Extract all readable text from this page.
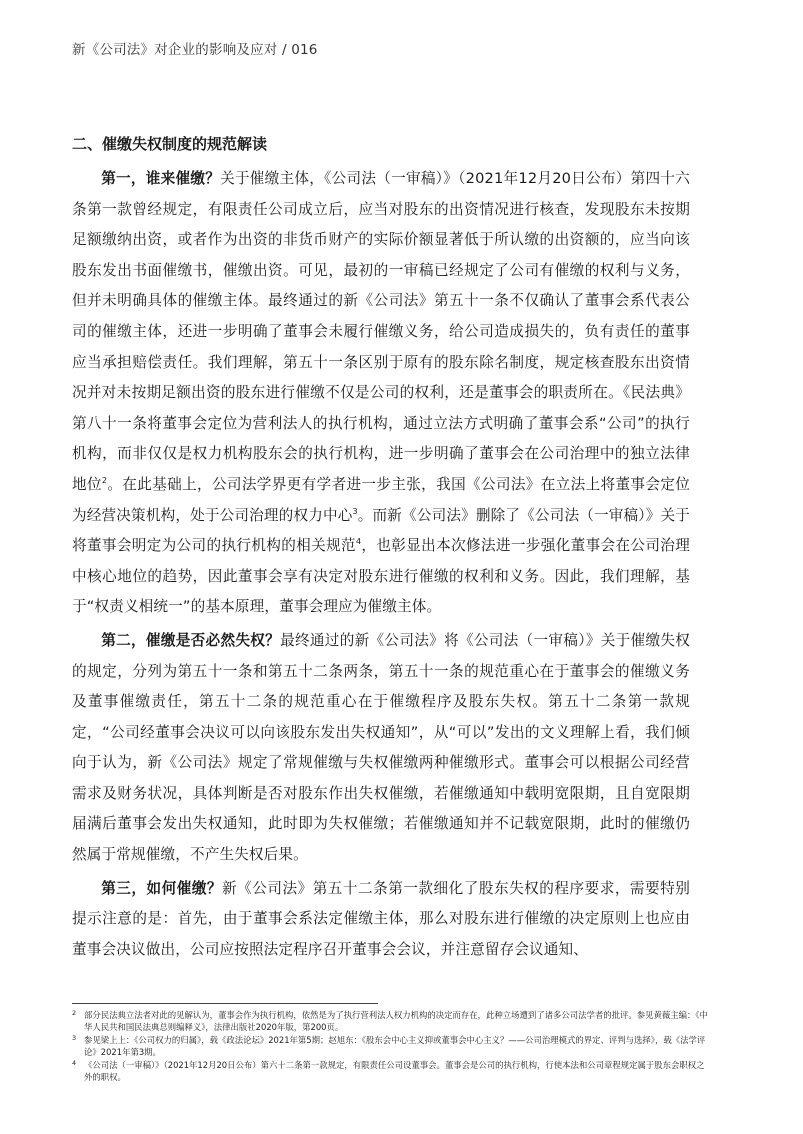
新《公司法》对企业的影响及应对 / 016
二、催缴失权制度的规范解读

第一，谁来催缴？关于催缴主体，《公司法（一审稿）》（2021年12月20日公布）第四十六条第一款曾经规定，有限责任公司成立后，应当对股东的出资情况进行核查，发现股东未按期足额缴纳出资，或者作为出资的非货币财产的实际价额显著低于所认缴的出资额的，应当向该股东发出书面催缴书，催缴出资。可见，最初的一审稿已经规定了公司有催缴的权利与义务，但并未明确具体的催缴主体。最终通过的新《公司法》第五十一条不仅确认了董事会系代表公司的催缴主体，还进一步明确了董事会未履行催缴义务，给公司造成损失的，负有责任的董事应当承担赔偿责任。我们理解，第五十一条区别于原有的股东除名制度，规定核查股东出资情况并对未按期足额出资的股东进行催缴不仅是公司的权利，还是董事会的职责所在。《民法典》第八十一条将董事会定位为营利法人的执行机构，通过立法方式明确了董事会系“公司”的执行机构，而非仅仅是权力机构股东会的执行机构，进一步明确了董事会在公司治理中的独立法律地位$^2$。在此基础上，公司法学界更有学者进一步主张，我国《公司法》在立法上将董事会定位为经营决策机构，处于公司治理的权力中心$^3$。而新《公司法》删除了《公司法（一审稿）》关于将董事会明定为公司的执行机构的相关规范$^4$，也彰显出本次修法进一步强化董事会在公司治理中核心地位的趋势，因此董事会享有决定对股东进行催缴的权利和义务。因此，我们理解，基于“权责义相统一”的基本原理，董事会理应为催缴主体。

第二，催缴是否必然失权？最终通过的新《公司法》将《公司法（一审稿）》关于催缴失权的规定，分列为第五十一条和第五十二条两条，第五十一条的规范重心在于董事会的催缴义务及董事催缴责任，第五十二条的规范重心在于催缴程序及股东失权。第五十二条第一款规定，“公司经董事会决议可以向该股东发出失权通知”，从“可以”发出的文义理解上看，我们倾向于认为，新《公司法》规定了常规催缴与失权催缴两种催缴形式。董事会可以根据公司经营需求及财务状况，具体判断是否对股东作出失权催缴，若催缴通知中载明宽限期，且自宽限期届满后董事会发出失权通知，此时即为失权催缴；若催缴通知并不记载宽限期，此时的催缴仍然属于常规催缴，不产生失权后果。

第三，如何催缴？新《公司法》第五十二条第一款细化了股东失权的程序要求，需要特别提示注意的是：首先，由于董事会系法定催缴主体，那么对股东进行催缴的决定原则上也应由董事会决议做出，公司应按照法定程序召开董事会会议，并注意留存会议通知、

2 部分民法典立法者对此的见解认为，董事会作为执行机构，依然是为了执行营利法人权力机构的决定而存在，此种立场遭到了诸多公司法学者的批评。参见黄薇主编：《中华人民共和国民法典总则编释义》，法律出版社2020年版，第200页。
3 参见梁上上：《公司权力的归属》，载《政法论坛》2021年第5期；赵旭东：《股东会中心主义抑或董事会中心主义？——公司治理模式的界定、评判与选择》，载《法学评论》2021年第3期。
4 《公司法（一审稿）》（2021年12月20日公布）第六十二条第一款规定，有限责任公司设董事会。董事会是公司的执行机构，行使本法和公司章程规定属于股东会职权之外的职权。
